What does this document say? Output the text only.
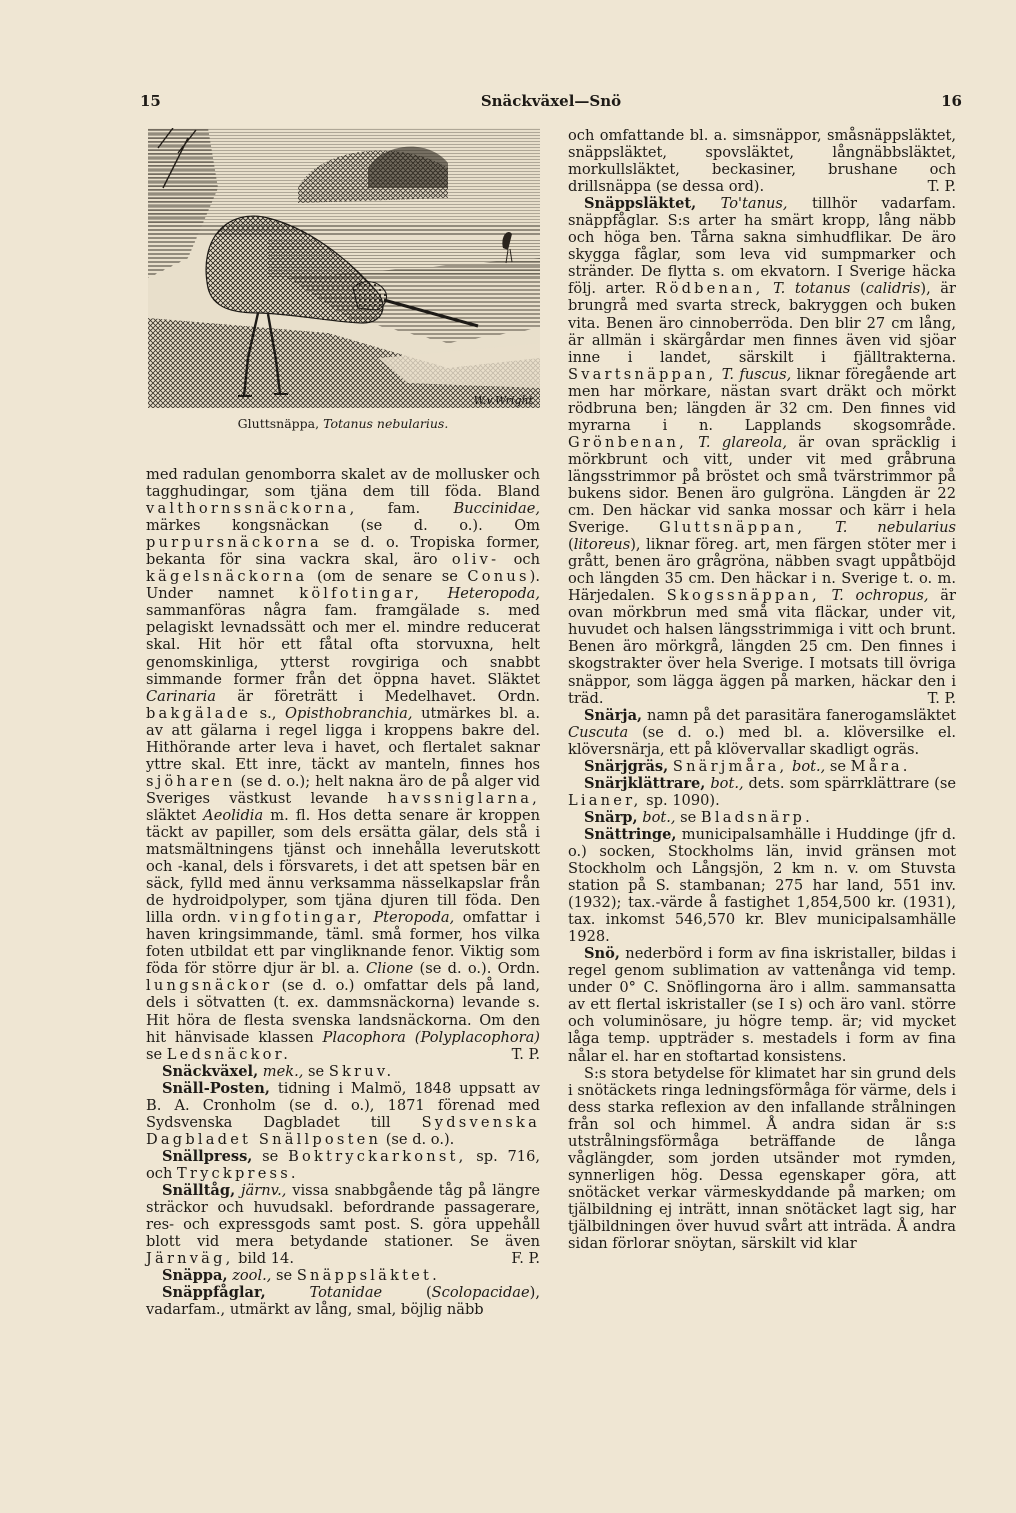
15	Snäckväxel—Snö	16
W.v.Wright
Gluttsnäppa, Totanus nebularius.

med radulan genomborra skalet av de mollusker och tagghudingar, som tjäna dem till föda. Bland valthornssnäckorna, fam. Buccinidae, märkes kongsnäckan (se d. o.). Om purpursnäckorna se d. o. Tropiska former, bekanta för sina vackra skal, äro oliv- och kägelsnäckorna (om de senare se Conus). Under namnet kölfotingar, Heteropoda, sammanföras några fam. framgälade s. med pelagiskt levnadssätt och mer el. mindre reducerat skal. Hit hör ett fåtal ofta storvuxna, helt genomskinliga, ytterst rovgiriga och snabbt simmande former från det öppna havet. Släktet Carinaria är företrätt i Medelhavet. Ordn. bakgälade s., Opisthobranchia, utmärkes bl. a. av att gälarna i regel ligga i kroppens bakre del. Hithörande arter leva i havet, och flertalet saknar yttre skal. Ett inre, täckt av manteln, finnes hos sjöharen (se d. o.); helt nakna äro de på alger vid Sveriges västkust levande havssniglarna, släktet Aeolidia m. fl. Hos detta senare är kroppen täckt av papiller, som dels ersätta gälar, dels stå i matsmältningens tjänst och innehålla leverutskott och -kanal, dels i försvarets, i det att spetsen bär en säck, fylld med ännu verksamma nässelkapslar från de hydroidpolyper, som tjäna djuren till föda. Den lilla ordn. vingfotingar, Pteropoda, omfattar i haven kringsimmande, täml. små former, hos vilka foten utbildat ett par vingliknande fenor. Viktig som föda för större djur är bl. a. Clione (se d. o.). Ordn. lungsnäckor (se d. o.) omfattar dels på land, dels i sötvatten (t. ex. dammsnäckorna) levande s. Hit höra de flesta svenska landsnäckorna. Om den hit hänvisade klassen Placophora (Polyplacophora) se Ledsnäckor.	T. P.

Snäckväxel, mek., se Skruv.

Snäll-Posten, tidning i Malmö, 1848 uppsatt av B. A. Cronholm (se d. o.), 1871 förenad med Sydsvenska Dagbladet till Sydsvenska Dagbladet Snällposten (se d. o.).

Snällpress, se Boktryckarkonst, sp. 716, och Tryckpress.

Snälltåg, järnv., vissa snabbgående tåg på längre sträckor och huvudsakl. befordrande passagerare, res- och expressgods samt post. S. göra uppehåll blott vid mera betydande stationer. Se även Järnväg, bild 14.	F. P.

Snäppa, zool., se Snäppsläktet.

Snäppfåglar,	Totanidae (Scolopacidae), vadarfam., utmärkt av lång, smal, böjlig näbb

och omfattande bl. a. simsnäppor, småsnäppsläktet, snäppsläktet, spovsläktet, långnäbbsläktet, morkullsläktet, beckasiner, brushane och drillsnäppa (se dessa ord).	T. P.

Snäppsläktet, To'tanus, tillhör vadarfam. snäppfåglar. S:s arter ha smärt kropp, lång näbb och höga ben. Tårna sakna simhudflikar. De äro skygga fåglar, som leva vid sumpmarker och stränder. De flytta s. om ekvatorn. I Sverige häcka följ. arter. Rödbenan, T. totanus (calidris), är brungrå med svarta streck, bakryggen och buken vita. Benen äro cinnoberröda. Den blir 27 cm lång, är allmän i skärgårdar men finnes även vid sjöar inne i landet, särskilt i fjälltrakterna. Svartsnäppan, T. fuscus, liknar föregående art men har mörkare, nästan svart dräkt och mörkt rödbruna ben; längden är 32 cm. Den finnes vid myrarna i n. Lapplands skogsområde. Grönbenan, T. glareola, är ovan spräcklig i mörkbrunt och vitt, under vit med gråbruna längsstrimmor på bröstet och små tvärstrimmor på bukens sidor. Benen äro gulgröna. Längden är 22 cm. Den häckar vid sanka mossar och kärr i hela Sverige. Gluttsnäppan, T. nebularius (litoreus), liknar föreg. art, men färgen stöter mer i grått, benen äro grågröna, näbben svagt uppåtböjd och längden 35 cm. Den häckar i n. Sverige t. o. m. Härjedalen. Skogssnäppan, T. ochropus, är ovan mörkbrun med små vita fläckar, under vit, huvudet och halsen längsstrimmiga i vitt och brunt. Benen äro mörkgrå, längden 25 cm. Den finnes i skogstrakter över hela Sverige. I motsats till övriga snäppor, som lägga äggen på marken, häckar den i träd.	T. P.

Snärja, namn på det parasitära fanerogamsläktet Cuscuta (se d. o.) med bl. a. klöversilke el. klöversnärja, ett på klövervallar skadligt ogräs.

Snärjgräs, Snärjmåra, bot., se Måra.

Snärjklättrare, bot., dets. som spärrklättrare (se Lianer, sp. 1090).

Snärp, bot., se Bladsnärp.

Snättringe, municipalsamhälle i Huddinge (jfr d. o.) socken, Stockholms län, invid gränsen mot Stockholm och Långsjön, 2 km n. v. om Stuvsta station på S. stambanan; 275 har land, 551 inv. (1932); tax.-värde å fastighet 1,854,500 kr. (1931), tax. inkomst 546,570 kr. Blev municipalsamhälle 1928.

Snö, nederbörd i form av fina iskristaller, bildas i regel genom sublimation av vattenånga vid temp. under 0° C. Snöflingorna äro i allm. sammansatta av ett flertal iskristaller (se I s) och äro vanl. större och voluminösare, ju högre temp. är; vid mycket låga temp. uppträder s. mestadels i form av fina nålar el. har en stoftartad konsistens.

S:s stora betydelse för klimatet har sin grund dels i snötäckets ringa ledningsförmåga för värme, dels i dess starka reflexion av den infallande strålningen från sol och himmel. Å andra sidan är s:s utstrålningsförmåga beträffande de långa våglängder, som jorden utsänder mot rymden, synnerligen hög. Dessa egenskaper göra, att snötäcket verkar värmeskyddande på marken; om tjälbildning ej inträtt, innan snötäcket lagt sig, har tjälbildningen över huvud svårt att inträda. Å andra sidan förlorar snöytan, särskilt vid klar
